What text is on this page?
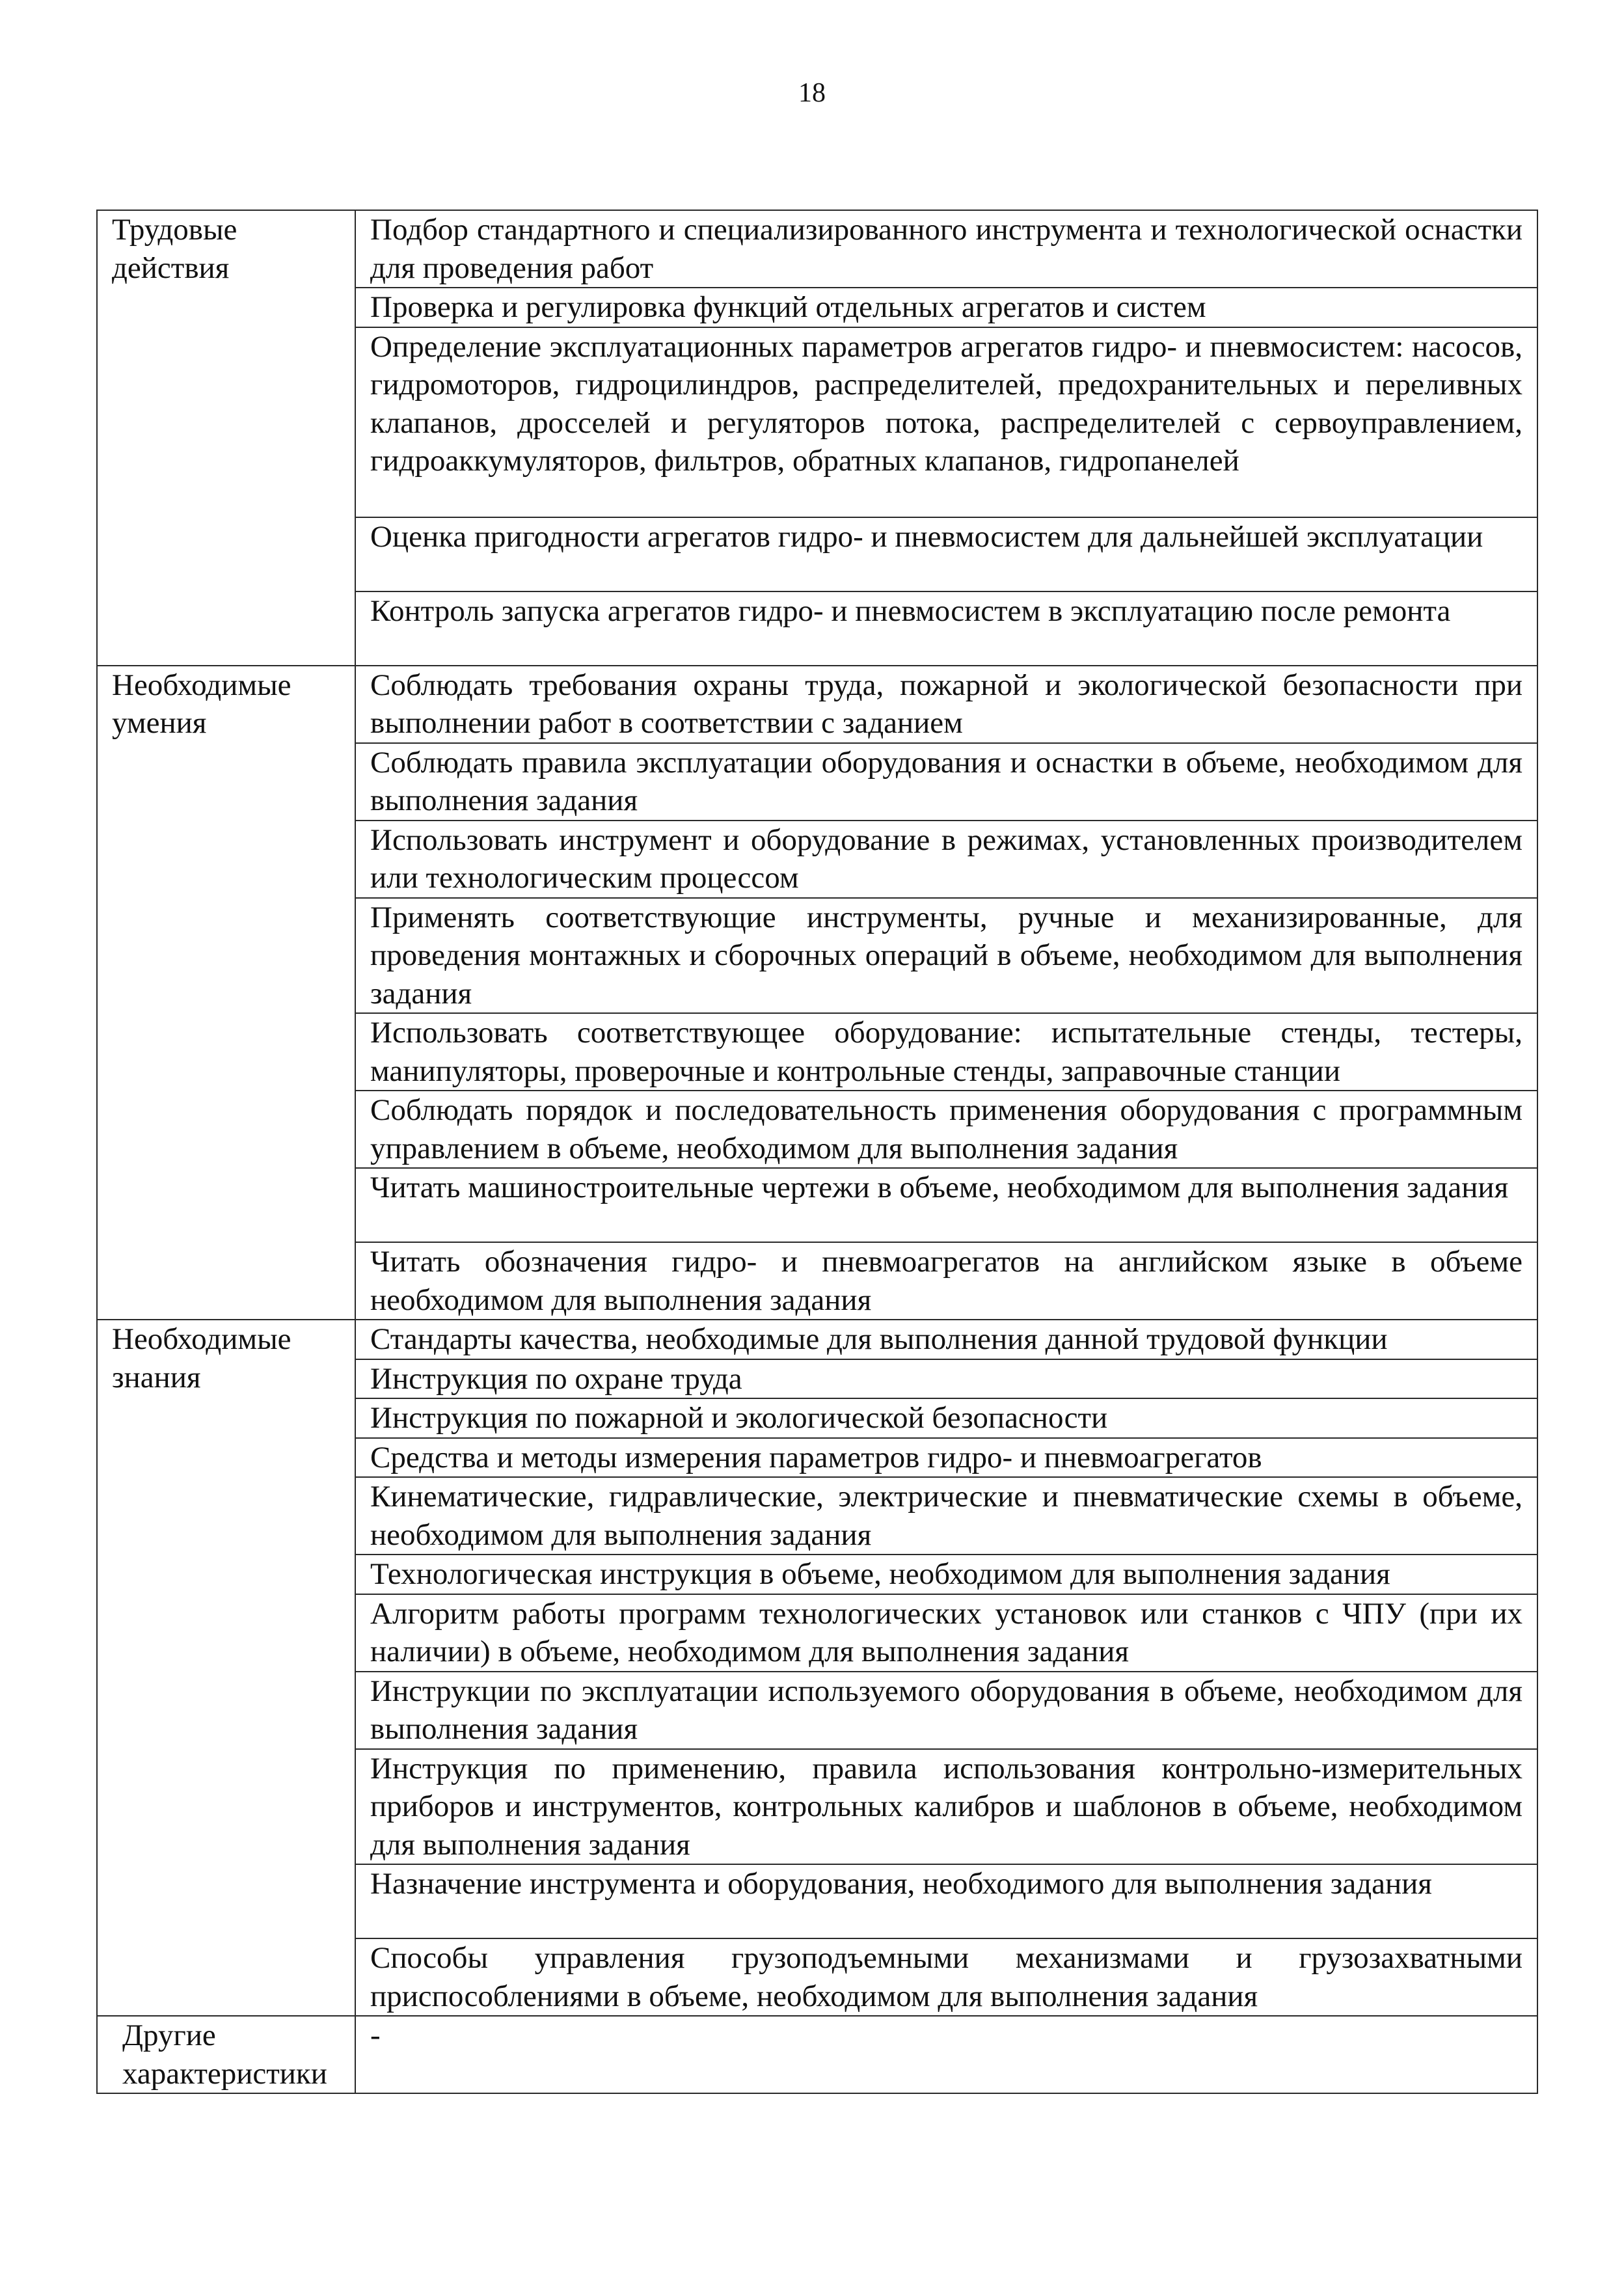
18
Трудовые действия	Подбор стандартного и специализированного инструмента и технологической оснастки для проведения работ
	Проверка и регулировка функций отдельных агрегатов и систем
	Определение эксплуатационных параметров агрегатов гидро- и пневмосистем: насосов, гидромоторов, гидроцилиндров, распределителей, предохранительных и переливных клапанов, дросселей и регуляторов потока, распределителей с сервоуправлением, гидроаккумуляторов, фильтров, обратных клапанов, гидропанелей
	Оценка пригодности агрегатов гидро- и пневмосистем для дальнейшей эксплуатации
	Контроль запуска агрегатов гидро- и пневмосистем в эксплуатацию после ремонта

Необходимые умения	Соблюдать требования охраны труда, пожарной и экологической безопасности при выполнении работ в соответствии с заданием
	Соблюдать правила эксплуатации оборудования и оснастки в объеме, необходимом для выполнения задания
	Использовать инструмент и оборудование в режимах, установленных производителем или технологическим процессом
	Применять соответствующие инструменты, ручные и механизированные, для проведения монтажных и сборочных операций в объеме, необходимом для выполнения задания
	Использовать соответствующее оборудование: испытательные стенды, тестеры, манипуляторы, проверочные и контрольные стенды, заправочные станции
	Соблюдать порядок и последовательность применения оборудования с программным управлением в объеме, необходимом для выполнения задания
	Читать машиностроительные чертежи в объеме, необходимом для выполнения задания
	Читать обозначения гидро- и пневмоагрегатов на английском языке в объеме необходимом для выполнения задания

Необходимые знания	Стандарты качества, необходимые для выполнения данной трудовой функции
	Инструкция по охране труда
	Инструкция по пожарной и экологической безопасности
	Средства и методы измерения параметров гидро- и пневмоагрегатов
	Кинематические, гидравлические, электрические и пневматические схемы в объеме, необходимом для выполнения задания
	Технологическая инструкция в объеме, необходимом для выполнения задания
	Алгоритм работы программ технологических установок или станков с ЧПУ (при их наличии) в объеме, необходимом для выполнения задания
	Инструкции по эксплуатации используемого оборудования в объеме, необходимом для выполнения задания
	Инструкция по применению, правила использования контрольно-измерительных приборов и инструментов, контрольных калибров и шаблонов в объеме, необходимом для выполнения задания
	Назначение инструмента и оборудования, необходимого для выполнения задания
	Способы управления грузоподъемными механизмами и грузозахватными приспособлениями в объеме, необходимом для выполнения задания

Другие характеристики	-
